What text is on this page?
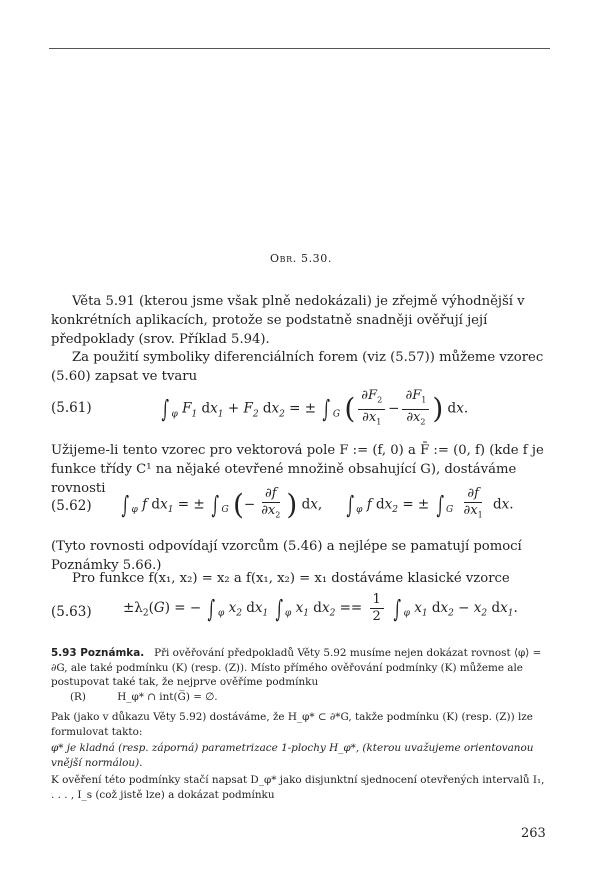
Obr. 5.30.
Věta 5.91 (kterou jsme však plně nedokázali) je zřejmě výhodnější v konkrétních aplikacích, protože se podstatně snadněji ověřují její předpoklady (srov. Příklad 5.94).
Za použití symboliky diferenciálních forem (viz (5.57)) můžeme vzorec (5.60) zapsat ve tvaru
(5.61)	∫ $_\varphi$ $F_1$ $dx_1 + F_2$ $dx_2$ = ± ∫ $_G$ ( $\frac{\partial F_2}{\partial x_1} - \frac{\partial F_1}{\partial x_2}$ ) dx.
Užijeme-li tento vzorec pro vektorová pole F := (f, 0) a F̄ := (0, f) (kde f je funkce třídy C¹ na nějaké otevřené množině obsahující G), dostáváme rovnosti
(5.62) ∫ $_\varphi$ f $dx_1$ = ± ∫ $_G$ (− $\frac{\partial f}{\partial x_2}$ ) dx,     ∫ $_\varphi$ f $dx_2$ = ± ∫ $_G \frac{\partial f}{\partial x_1}$ dx.
(Tyto rovnosti odpovídají vzorcům (5.46) a nejlépe se pamatují pomocí Poznámky 5.66.)
Pro funkce f(x₁, x₂) = x₂ a f(x₁, x₂) = x₁ dostáváme klasické vzorce
$(5.63) \pm\lambda_2(G)$ = − ∫ $_\varphi$ $x_2$ $dx_1$ ∫ $_\varphi$ $x_1$ $dx_2 == \frac{1}{2}$ ∫ $_\varphi$ $x_1$ $dx_2 - x_2$ $dx_1$.
5.93 Poznámka. Při ověřování předpokladů Věty 5.92 musíme nejen dokázat rovnost ⟨φ⟩ = ∂G, ale také podmínku (K) (resp. (Z)). Místo přímého ověřování podmínky (K) můžeme ale postupovat také tak, že nejprve ověříme podmínku
(R)	H_φ* ∩ int(G̅) = ∅.
Pak (jako v důkazu Věty 5.92) dostáváme, že H_φ* ⊂ ∂*G, takže podmínku (K) (resp. (Z)) lze formulovat takto:
φ* je kladná (resp. záporná) parametrizace 1-plochy H_φ*, (kterou uvažujeme orientovanou vnější normálou).
K ověření této podmínky stačí napsat D_φ* jako disjunktní sjednocení otevřených intervalů I₁, . . . , I_s (což jistě lze) a dokázat podmínku
263
